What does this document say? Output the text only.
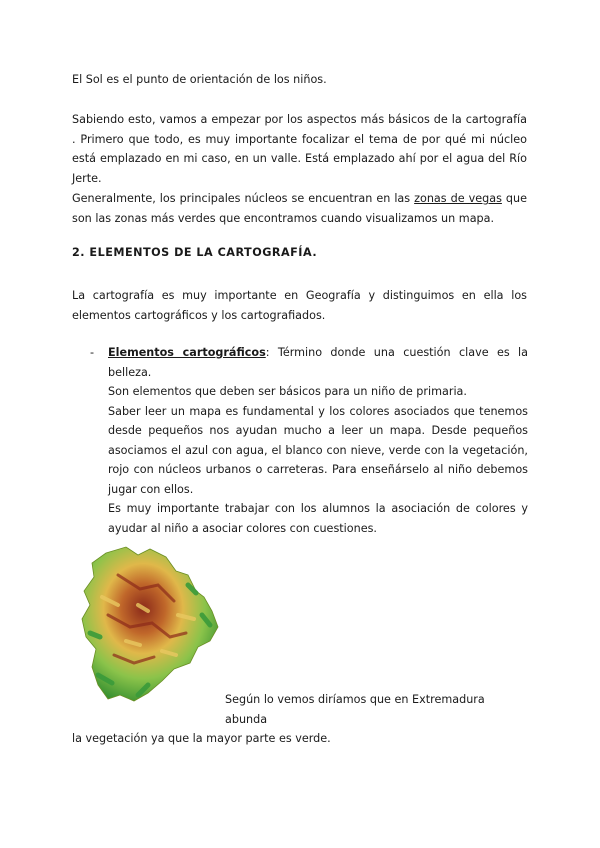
El Sol es el punto de orientación de los niños.

Sabiendo esto, vamos a empezar por los aspectos más básicos de la cartografía . Primero que todo, es muy importante focalizar el tema de por qué mi núcleo está emplazado en mi caso, en un valle. Está emplazado ahí por el agua del Río Jerte.

Generalmente, los principales núcleos se encuentran en las zonas de vegas que son las zonas más verdes que encontramos cuando visualizamos un mapa.

2. ELEMENTOS DE LA CARTOGRAFÍA.

La cartografía es muy importante en Geografía y distinguimos en ella los elementos cartográficos y los cartografiados.

- Elementos cartográficos: Término donde una cuestión clave es la belleza.
Son elementos que deben ser básicos para un niño de primaria.
Saber leer un mapa es fundamental y los colores asociados que tenemos desde pequeños nos ayudan mucho a leer un mapa. Desde pequeños asociamos el azul con agua, el blanco con nieve, verde con la vegetación, rojo con núcleos urbanos o carreteras. Para enseñárselo al niño debemos jugar con ellos.
Es muy importante trabajar con los alumnos la asociación de colores y ayudar al niño a asociar colores con cuestiones.
Según lo vemos diríamos que en Extremadura abunda
la vegetación ya que la mayor parte es verde.
